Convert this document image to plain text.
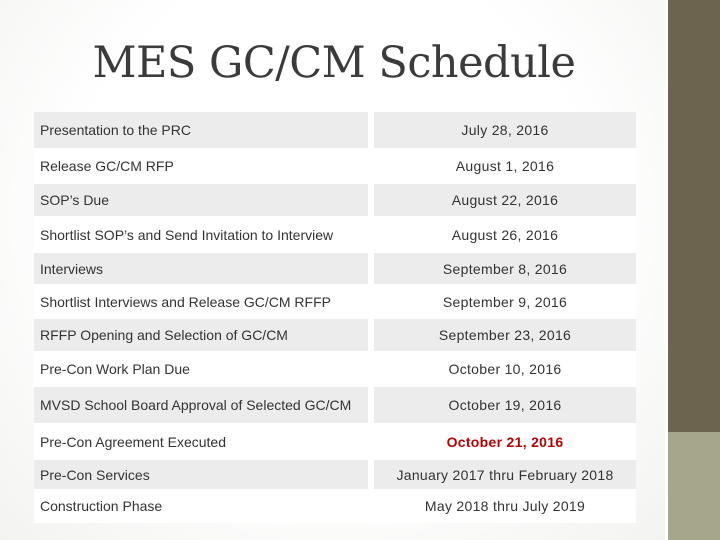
MES GC/CM Schedule
Presentation to the PRC	July 28, 2016
Release GC/CM RFP	August 1, 2016
SOP’s Due	August 22, 2016
Shortlist SOP’s and Send Invitation to Interview	August 26, 2016
Interviews	September 8, 2016
Shortlist Interviews and Release GC/CM RFFP	September 9, 2016
RFFP Opening and Selection of GC/CM	September 23, 2016
Pre-Con Work Plan Due	October 10, 2016
MVSD School Board Approval of Selected GC/CM	October 19, 2016
Pre-Con Agreement Executed	October 21, 2016
Pre-Con Services	January 2017 thru February 2018
Construction Phase	May 2018 thru July 2019
